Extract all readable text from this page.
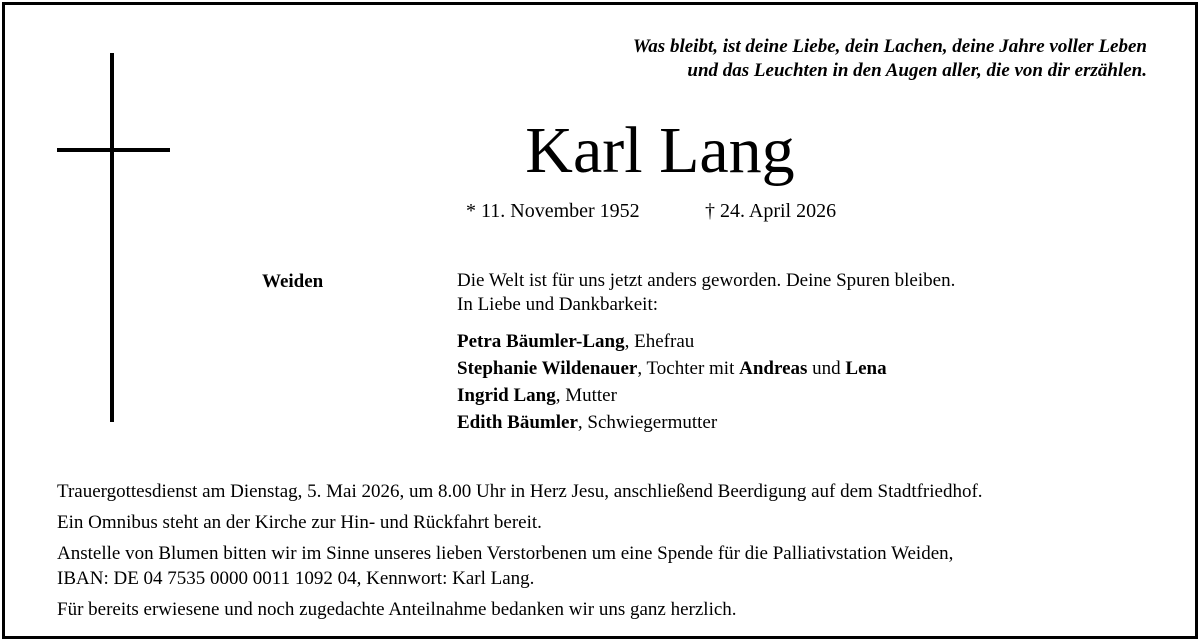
Was bleibt, ist deine Liebe, dein Lachen, deine Jahre voller Leben
und das Leuchten in den Augen aller, die von dir erzählen.
Karl Lang
* 11. November 1952	† 24. April 2026
Weiden	Die Welt ist für uns jetzt anders geworden. Deine Spuren bleiben.
In Liebe und Dankbarkeit:
Petra Bäumler-Lang, Ehefrau
Stephanie Wildenauer, Tochter mit Andreas und Lena
Ingrid Lang, Mutter
Edith Bäumler, Schwiegermutter
Trauergottesdienst am Dienstag, 5. Mai 2026, um 8.00 Uhr in Herz Jesu, anschließend Beerdigung auf dem Stadtfriedhof.
Ein Omnibus steht an der Kirche zur Hin- und Rückfahrt bereit.
Anstelle von Blumen bitten wir im Sinne unseres lieben Verstorbenen um eine Spende für die Palliativstation Weiden,
IBAN: DE 04 7535 0000 0011 1092 04, Kennwort: Karl Lang.
Für bereits erwiesene und noch zugedachte Anteilnahme bedanken wir uns ganz herzlich.
